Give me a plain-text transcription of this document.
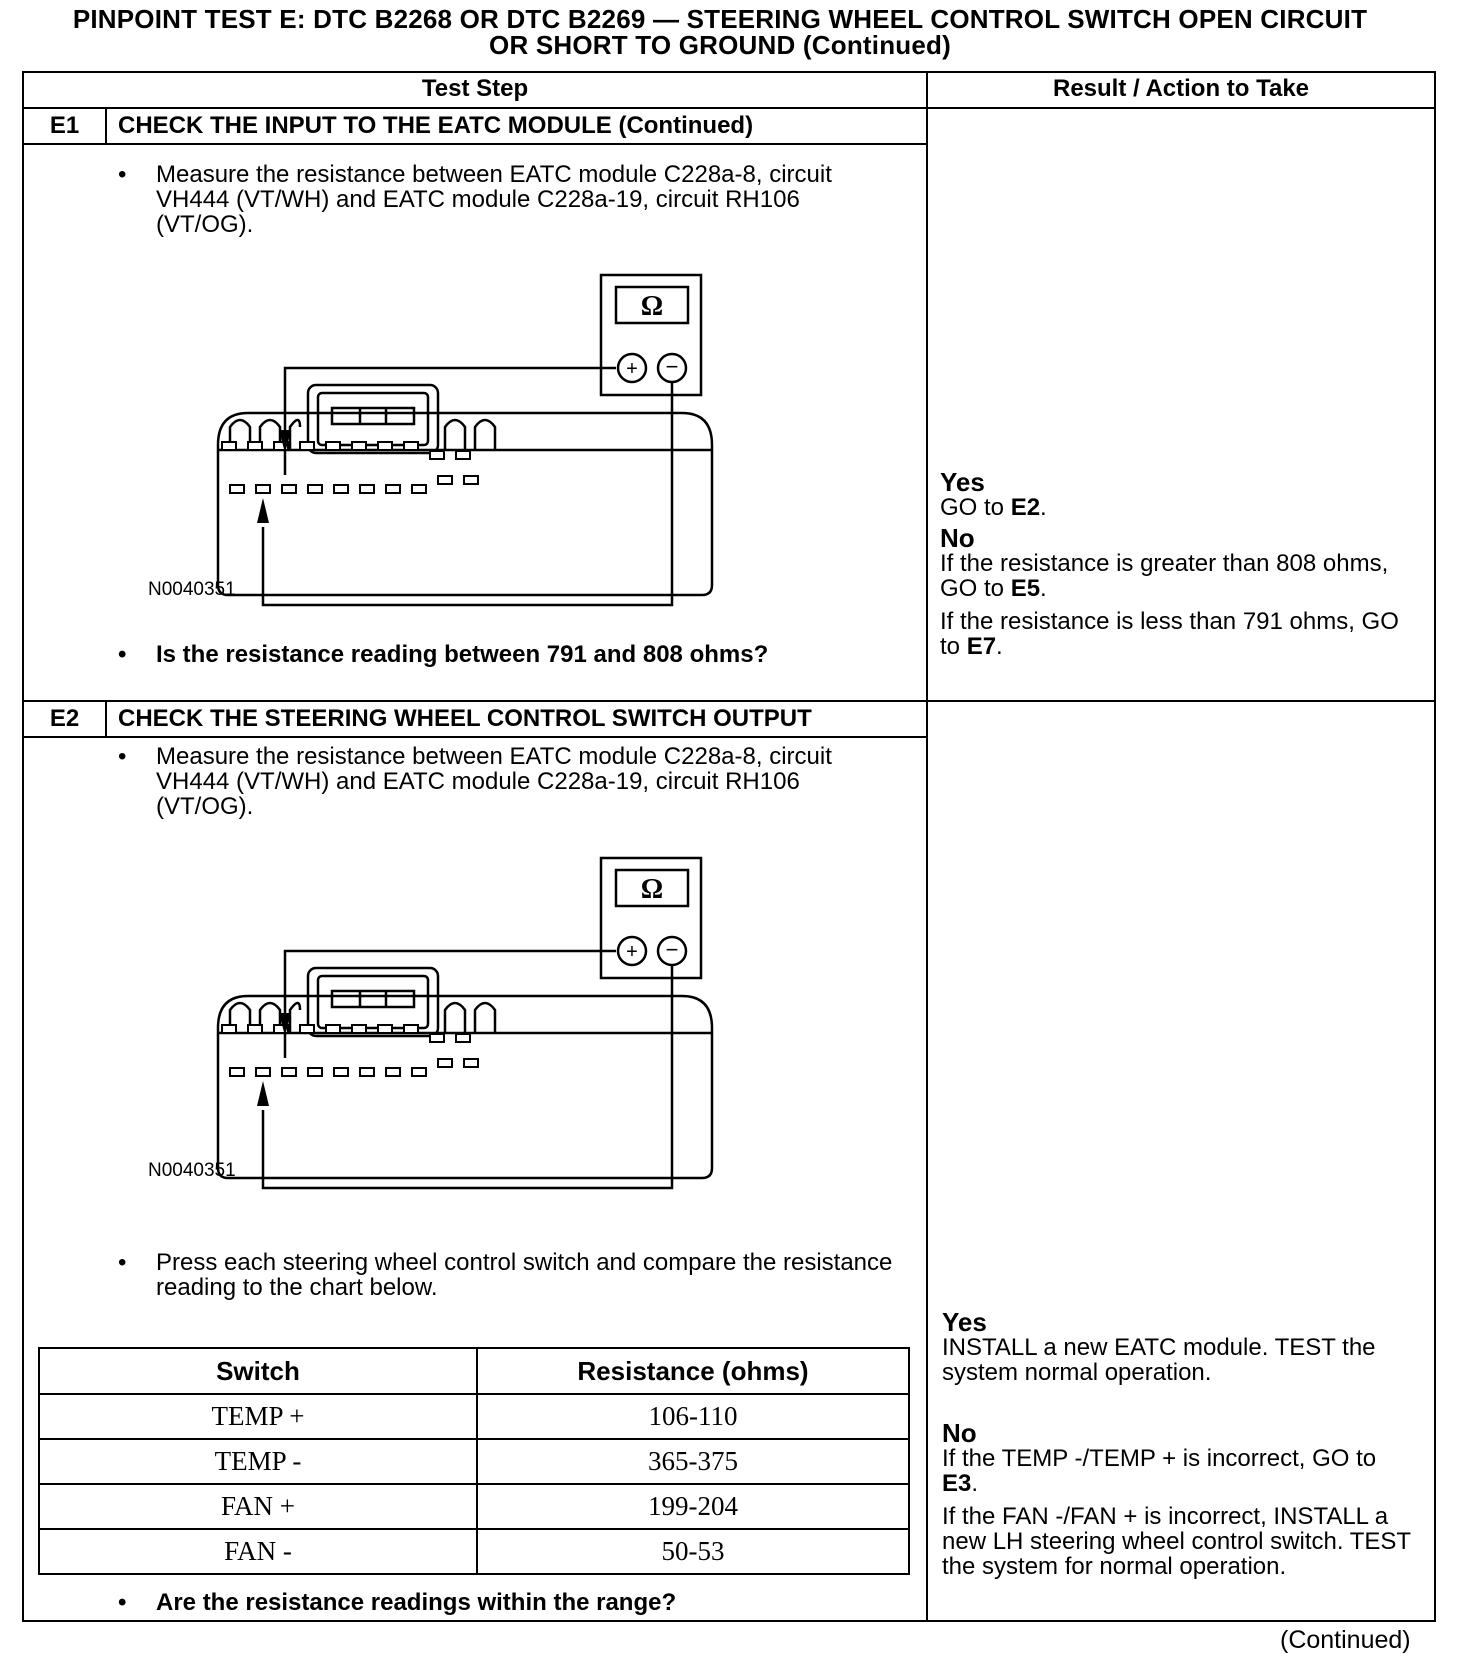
PINPOINT TEST E: DTC B2268 OR DTC B2269 — STEERING WHEEL CONTROL SWITCH OPEN CIRCUIT
OR SHORT TO GROUND (Continued)
Test Step	Result / Action to Take
E1	CHECK THE INPUT TO THE EATC MODULE (Continued)
• Measure the resistance between EATC module C228a-8, circuit VH444 (VT/WH) and EATC module C228a-19, circuit RH106 (VT/OG).
Ω
+ −
N0040351
• Is the resistance reading between 791 and 808 ohms?
Yes
GO to E2.
No
If the resistance is greater than 808 ohms, GO to E5.
If the resistance is less than 791 ohms, GO to E7.
E2	CHECK THE STEERING WHEEL CONTROL SWITCH OUTPUT
• Measure the resistance between EATC module C228a-8, circuit VH444 (VT/WH) and EATC module C228a-19, circuit RH106 (VT/OG).
Ω
+ −
N0040351
• Press each steering wheel control switch and compare the resistance reading to the chart below.
Switch	Resistance (ohms)
TEMP +	106-110
TEMP -	365-375
FAN +	199-204
FAN -	50-53
• Are the resistance readings within the range?
Yes
INSTALL a new EATC module. TEST the system normal operation.
No
If the TEMP -/TEMP + is incorrect, GO to E3.
If the FAN -/FAN + is incorrect, INSTALL a new LH steering wheel control switch. TEST the system for normal operation.
(Continued)
